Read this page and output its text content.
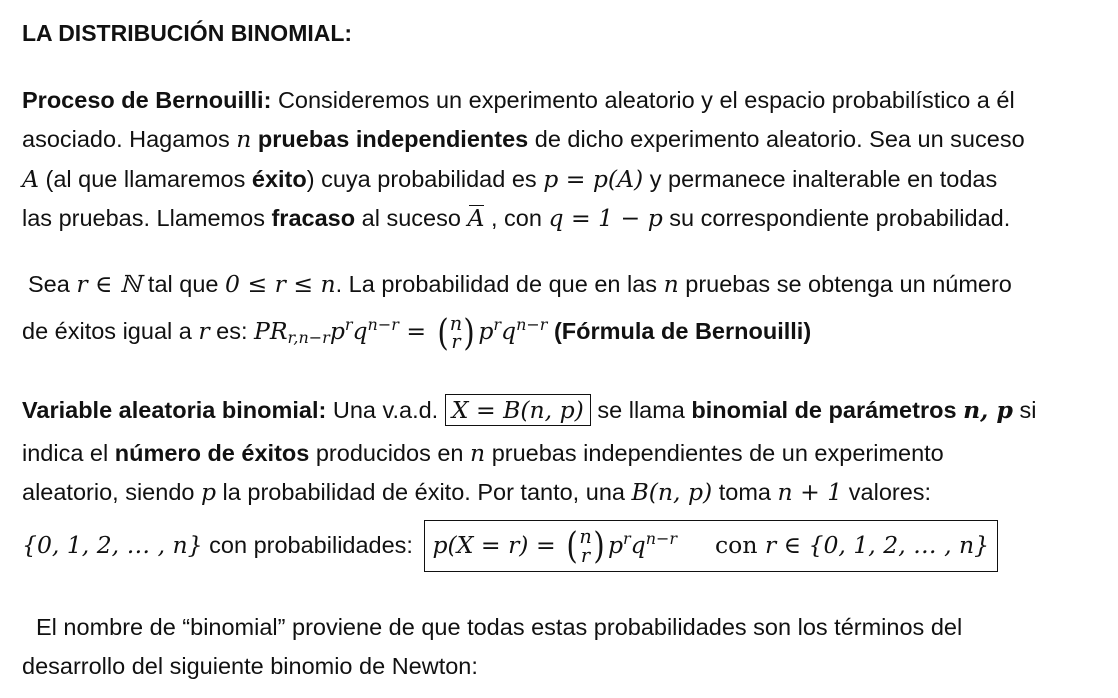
LA DISTRIBUCIÓN BINOMIAL:
Proceso de Bernouilli: Consideremos un experimento aleatorio y el espacio probabilístico a él
asociado. Hagamos n pruebas independientes de dicho experimento aleatorio. Sea un suceso
A (al que llamaremos éxito) cuya probabilidad es p = p(A) y permanece inalterable en todas
las pruebas. Llamemos fracaso al suceso A , con q = 1 − p su correspondiente probabilidad.
Sea r ∈ ℕ tal que 0 ≤ r ≤ n. La probabilidad de que en las n pruebas se obtenga un número
de éxitos igual a r es: $PR_{r,n-r}p^rq^{n-r}$ = ( n
r ) $p^rq^{n-r}$ (Fórmula de Bernouilli)
Variable aleatoria binomial: Una v.a.d. X = B(n, p) se llama binomial de parámetros n, p si
indica el número de éxitos producidos en n pruebas independientes de un experimento
aleatorio, siendo p la probabilidad de éxito. Por tanto, una B(n, p) toma n + 1 valores:
{0, 1, 2, … , n} con probabilidades: p(X = r) = ( n
r ) $p^rq^{n-r}$ con r ∈ {0, 1, 2, … , n}
El nombre de “binomial” proviene de que todas estas probabilidades son los términos del
desarrollo del siguiente binomio de Newton:
